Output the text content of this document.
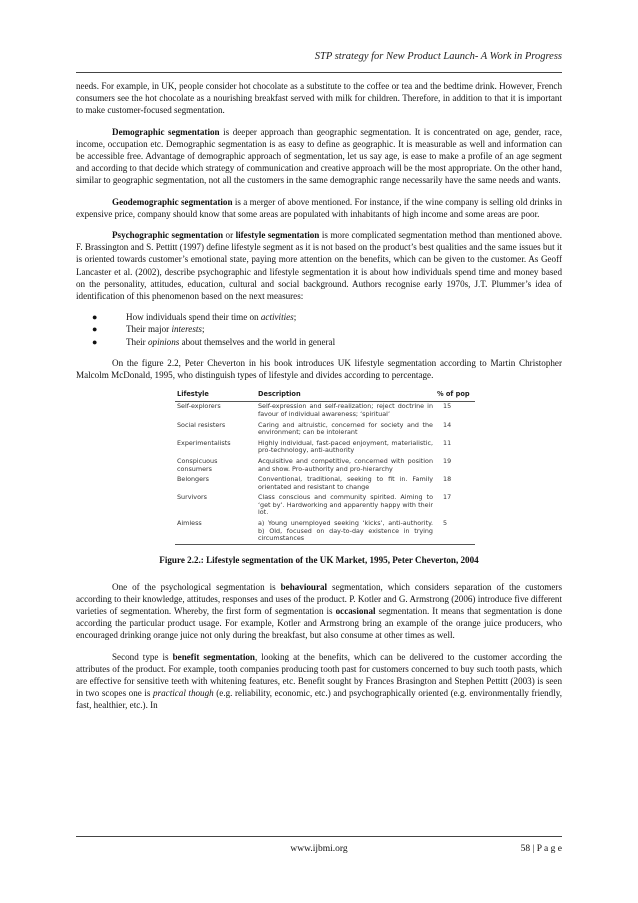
STP strategy for New Product Launch- A Work in Progress

needs. For example, in UK, people consider hot chocolate as a substitute to the coffee or tea and the bedtime drink. However, French consumers see the hot chocolate as a nourishing breakfast served with milk for children. Therefore, in addition to that it is important to make customer-focused segmentation.

Demographic segmentation is deeper approach than geographic segmentation. It is concentrated on age, gender, race, income, occupation etc. Demographic segmentation is as easy to define as geographic. It is measurable as well and information can be accessible free. Advantage of demographic approach of segmentation, let us say age, is ease to make a profile of an age segment and according to that decide which strategy of communication and creative approach will be the most appropriate. On the other hand, similar to geographic segmentation, not all the customers in the same demographic range necessarily have the same needs and wants.

Geodemographic segmentation is a merger of above mentioned. For instance, if the wine company is selling old drinks in expensive price, company should know that some areas are populated with inhabitants of high income and some areas are poor.

Psychographic segmentation or lifestyle segmentation is more complicated segmentation method than mentioned above. F. Brassington and S. Pettitt (1997) define lifestyle segment as it is not based on the product’s best qualities and the same issues but it is oriented towards customer’s emotional state, paying more attention on the benefits, which can be given to the customer. As Geoff Lancaster et al. (2002), describe psychographic and lifestyle segmentation it is about how individuals spend time and money based on the personality, attitudes, education, cultural and social background. Authors recognise early 1970s, J.T. Plummer’s idea of identification of this phenomenon based on the next measures:

●	How individuals spend their time on activities;
●	Their major interests;
●	Their opinions about themselves and the world in general

On the figure 2.2, Peter Cheverton in his book introduces UK lifestyle segmentation according to Martin Christopher Malcolm McDonald, 1995, who distinguish types of lifestyle and divides according to percentage.

Lifestyle	Description	% of pop
Self-explorers	Self-expression and self-realization; reject doctrine in favour of individual awareness; ‘spiritual’	15
Social resisters	Caring and altruistic, concerned for society and the environment; can be intolerant	14
Experimentalists	Highly individual, fast-paced enjoyment, materialistic, pro-technology, anti-authority	11
Conspicuous consumers	Acquisitive and competitive, concerned with position and show. Pro-authority and pro-hierarchy	19
Belongers	Conventional, traditional, seeking to fit in. Family orientated and resistant to change	18
Survivors	Class conscious and community spirited. Aiming to ‘get by’. Hardworking and apparently happy with their lot.	17
Aimless	a) Young unemployed seeking ‘kicks’, anti-authority. b) Old, focused on day-to-day existence in trying circumstances	5
Figure 2.2.: Lifestyle segmentation of the UK Market, 1995, Peter Cheverton, 2004

One of the psychological segmentation is behavioural segmentation, which considers separation of the customers according to their knowledge, attitudes, responses and uses of the product. P. Kotler and G. Armstrong (2006) introduce five different varieties of segmentation. Whereby, the first form of segmentation is occasional segmentation. It means that segmentation is done according the particular product usage. For example, Kotler and Armstrong bring an example of the orange juice producers, who encouraged drinking orange juice not only during the breakfast, but also consume at other times as well.

Second type is benefit segmentation, looking at the benefits, which can be delivered to the customer according the attributes of the product. For example, tooth companies producing tooth past for customers concerned to buy such tooth pasts, which are effective for sensitive teeth with whitening features, etc. Benefit sought by Frances Brasington and Stephen Pettitt (2003) is seen in two scopes one is practical though (e.g. reliability, economic, etc.) and psychographically oriented (e.g. environmentally friendly, fast, healthier, etc.). In

www.ijbmi.org	58 | P a g e
